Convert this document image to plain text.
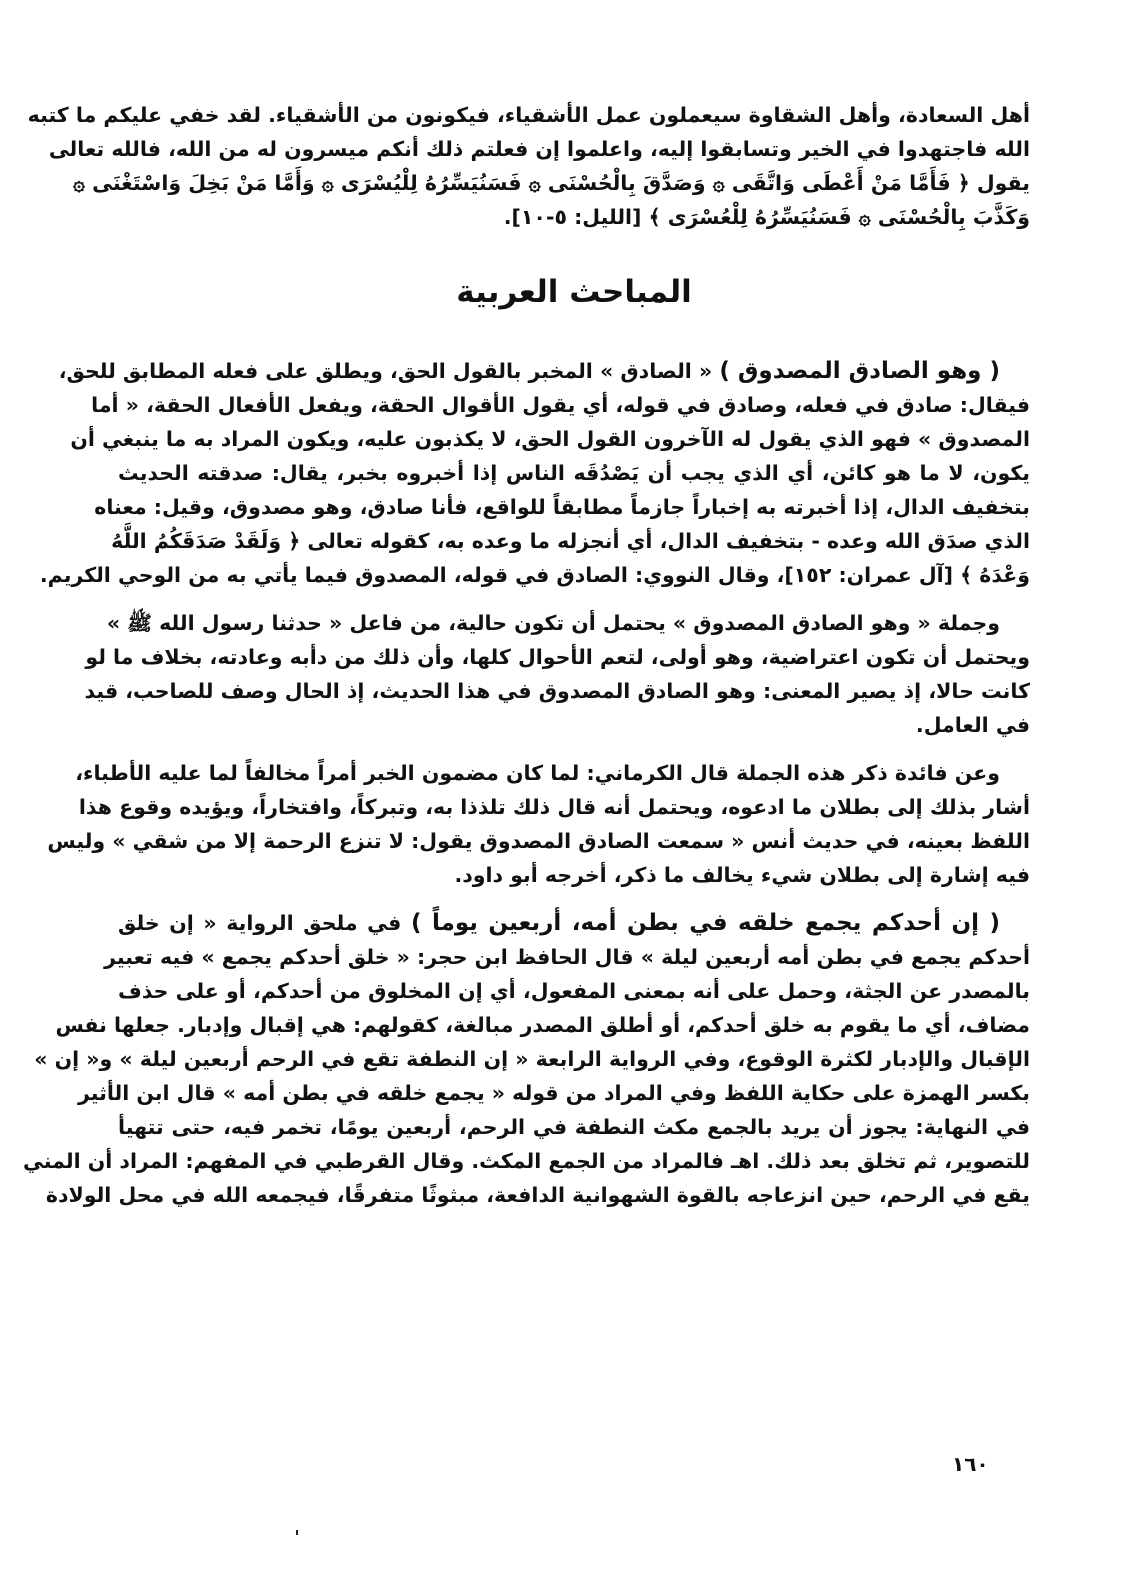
أهل السعادة، وأهل الشقاوة سيعملون عمل الأشقياء، فيكونون من الأشقياء. لقد خفي عليكم ما كتبه
الله فاجتهدوا في الخير وتسابقوا إليه، واعلموا إن فعلتم ذلك أنكم ميسرون له من الله، فالله تعالى
يقول ﴿ فَأَمَّا مَنْ أَعْطَى وَاتَّقَى ۞ وَصَدَّقَ بِالْحُسْنَى ۞ فَسَنُيَسِّرُهُ لِلْيُسْرَى ۞ وَأَمَّا مَنْ بَخِلَ وَاسْتَغْنَى ۞
وَكَذَّبَ بِالْحُسْنَى ۞ فَسَنُيَسِّرُهُ لِلْعُسْرَى ﴾ [الليل: ٥-١٠].
المباحث العربية
( وهو الصادق المصدوق ) « الصادق » المخبر بالقول الحق، ويطلق على فعله المطابق للحق،
فيقال: صادق في فعله، وصادق في قوله، أي يقول الأقوال الحقة، ويفعل الأفعال الحقة، « أما
المصدوق » فهو الذي يقول له الآخرون القول الحق، لا يكذبون عليه، ويكون المراد به ما ينبغي أن
يكون، لا ما هو كائن، أي الذي يجب أن يَصْدُقَه الناس إذا أخبروه بخبر، يقال: صدقته الحديث
بتخفيف الدال، إذا أخبرته به إخباراً جازماً مطابقاً للواقع، فأنا صادق، وهو مصدوق، وقيل: معناه
الذي صدَق الله وعده - بتخفيف الدال، أي أنجزله ما وعده به، كقوله تعالى ﴿ وَلَقَدْ صَدَقَكُمُ اللَّهُ
وَعْدَهُ ﴾ [آل عمران: ١٥٢]، وقال النووي: الصادق في قوله، المصدوق فيما يأتي به من الوحي الكريم.
وجملة « وهو الصادق المصدوق » يحتمل أن تكون حالية، من فاعل « حدثنا رسول الله ﷺ »
ويحتمل أن تكون اعتراضية، وهو أولى، لتعم الأحوال كلها، وأن ذلك من دأبه وعادته، بخلاف ما لو
كانت حالا، إذ يصير المعنى: وهو الصادق المصدوق في هذا الحديث، إذ الحال وصف للصاحب، قيد
في العامل.
وعن فائدة ذكر هذه الجملة قال الكرماني: لما كان مضمون الخبر أمراً مخالفاً لما عليه الأطباء،
أشار بذلك إلى بطلان ما ادعوه، ويحتمل أنه قال ذلك تلذذا به، وتبركاً، وافتخاراً، ويؤيده وقوع هذا
اللفظ بعينه، في حديث أنس « سمعت الصادق المصدوق يقول: لا تنزع الرحمة إلا من شقي » وليس
فيه إشارة إلى بطلان شيء يخالف ما ذكر، أخرجه أبو داود.
( إن أحدكم يجمع خلقه في بطن أمه، أربعين يوماً ) في ملحق الرواية « إن خلق
أحدكم يجمع في بطن أمه أربعين ليلة » قال الحافظ ابن حجر: « خلق أحدكم يجمع » فيه تعبير
بالمصدر عن الجثة، وحمل على أنه بمعنى المفعول، أي إن المخلوق من أحدكم، أو على حذف
مضاف، أي ما يقوم به خلق أحدكم، أو أطلق المصدر مبالغة، كقولهم: هي إقبال وإدبار. جعلها نفس
الإقبال والإدبار لكثرة الوقوع، وفي الرواية الرابعة « إن النطفة تقع في الرحم أربعين ليلة » و« إن »
بكسر الهمزة على حكاية اللفظ وفي المراد من قوله « يجمع خلقه في بطن أمه » قال ابن الأثير
في النهاية: يجوز أن يريد بالجمع مكث النطفة في الرحم، أربعين يومًا، تخمر فيه، حتى تتهيأ
للتصوير، ثم تخلق بعد ذلك. اهـ فالمراد من الجمع المكث. وقال القرطبي في المفهم: المراد أن المني
يقع في الرحم، حين انزعاجه بالقوة الشهوانية الدافعة، مبثوثًا متفرقًا، فيجمعه الله في محل الولادة
١٦٠
